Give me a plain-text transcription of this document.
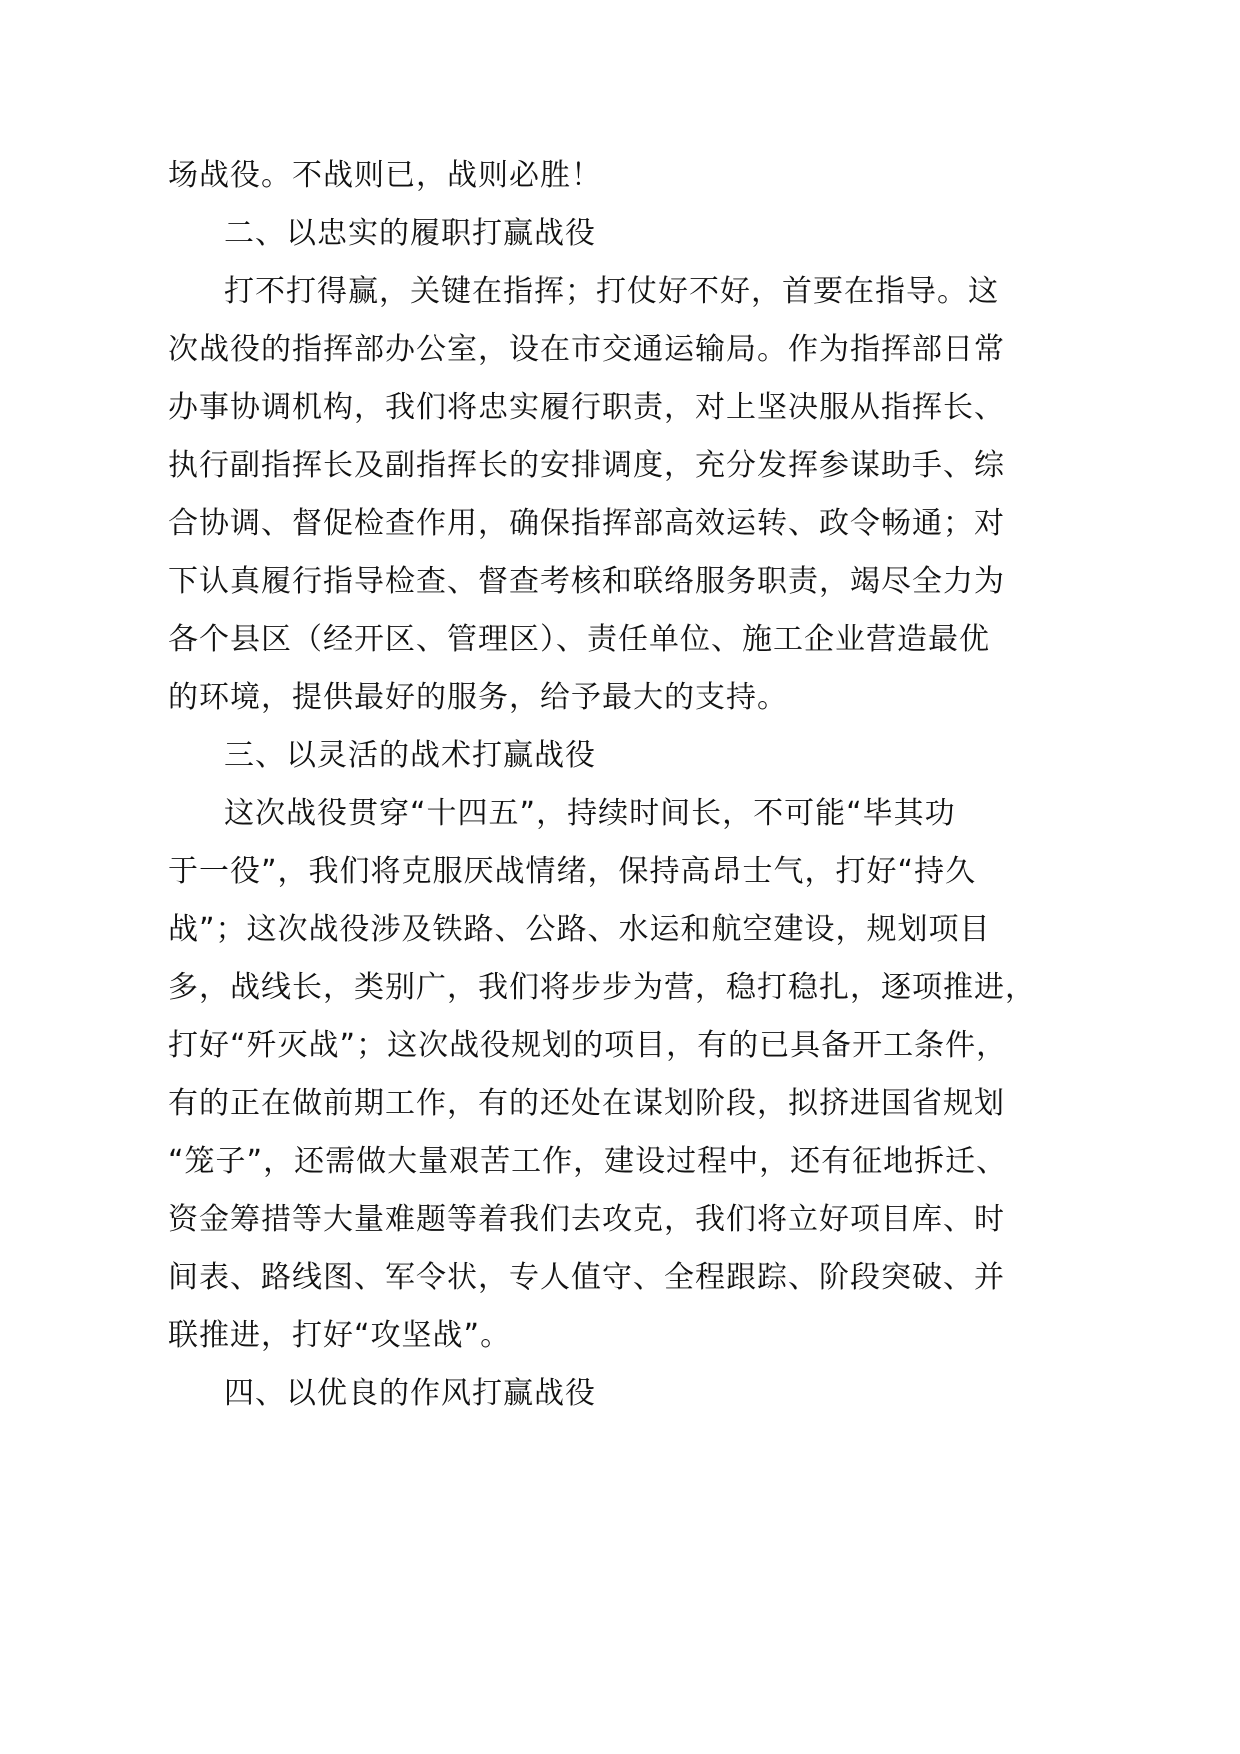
场战役。不战则已，战则必胜！
二、以忠实的履职打赢战役
打不打得赢，关键在指挥；打仗好不好，首要在指导。这
次战役的指挥部办公室，设在市交通运输局。作为指挥部日常
办事协调机构，我们将忠实履行职责，对上坚决服从指挥长、
执行副指挥长及副指挥长的安排调度，充分发挥参谋助手、综
合协调、督促检查作用，确保指挥部高效运转、政令畅通；对
下认真履行指导检查、督查考核和联络服务职责，竭尽全力为
各个县区（经开区、管理区）、责任单位、施工企业营造最优
的环境，提供最好的服务，给予最大的支持。
三、以灵活的战术打赢战役
这次战役贯穿“十四五”，持续时间长，不可能“毕其功
于一役”，我们将克服厌战情绪，保持高昂士气，打好“持久
战”；这次战役涉及铁路、公路、水运和航空建设，规划项目
多，战线长，类别广，我们将步步为营，稳打稳扎，逐项推进，
打好“歼灭战”；这次战役规划的项目，有的已具备开工条件，
有的正在做前期工作，有的还处在谋划阶段，拟挤进国省规划
“笼子”，还需做大量艰苦工作，建设过程中，还有征地拆迁、
资金筹措等大量难题等着我们去攻克，我们将立好项目库、时
间表、路线图、军令状，专人值守、全程跟踪、阶段突破、并
联推进，打好“攻坚战”。
四、以优良的作风打赢战役
